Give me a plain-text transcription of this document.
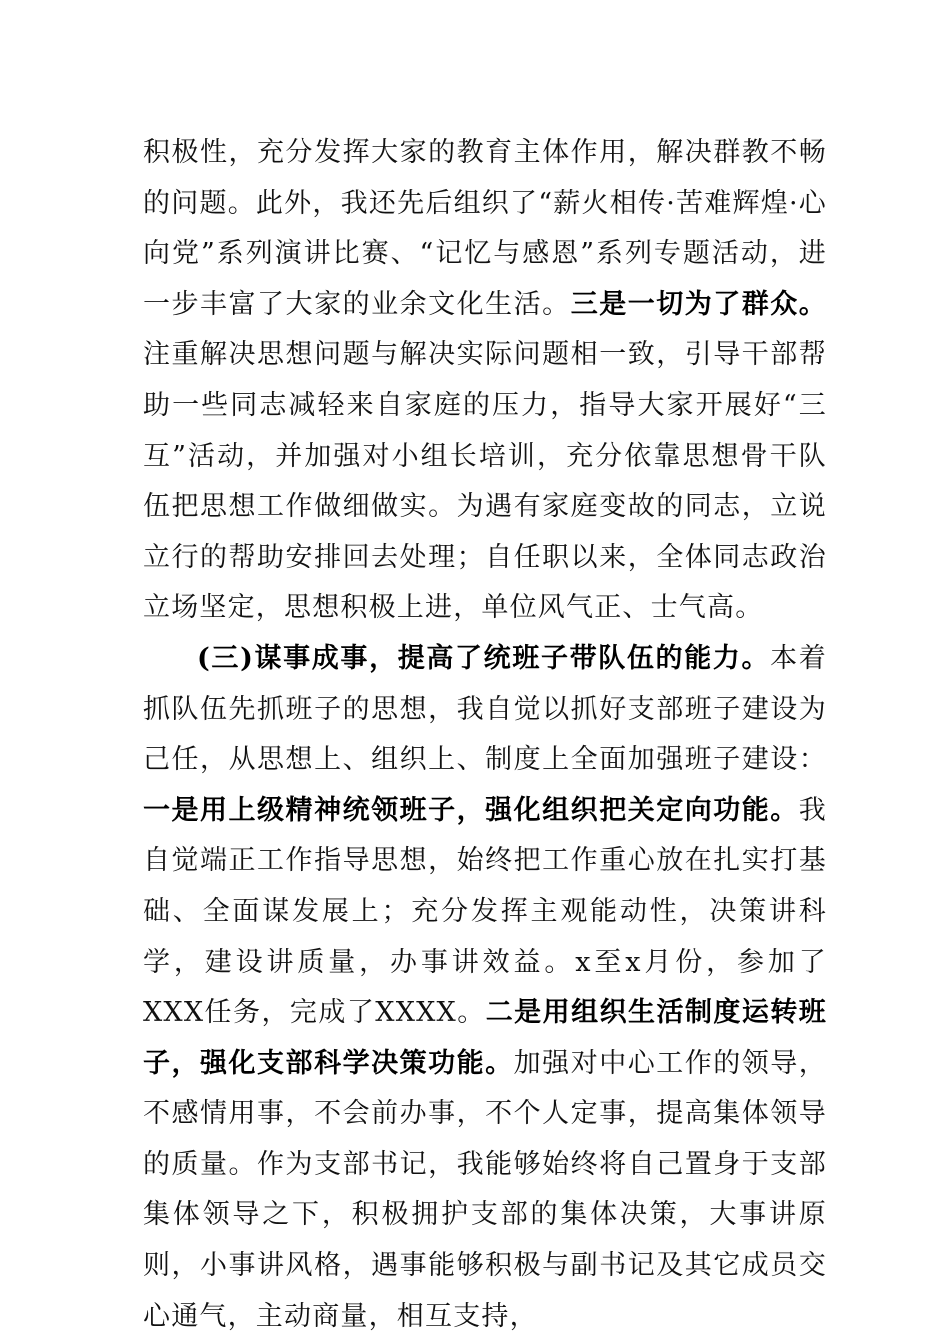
积极性，充分发挥大家的教育主体作用，解决群教不畅的问题。此外，我还先后组织了“薪火相传·苦难辉煌·心向党”系列演讲比赛、“记忆与感恩”系列专题活动，进一步丰富了大家的业余文化生活。三是一切为了群众。注重解决思想问题与解决实际问题相一致，引导干部帮助一些同志减轻来自家庭的压力，指导大家开展好“三互”活动，并加强对小组长培训，充分依靠思想骨干队伍把思想工作做细做实。为遇有家庭变故的同志，立说立行的帮助安排回去处理；自任职以来，全体同志政治立场坚定，思想积极上进，单位风气正、士气高。

(三)谋事成事，提高了统班子带队伍的能力。本着抓队伍先抓班子的思想，我自觉以抓好支部班子建设为己任，从思想上、组织上、制度上全面加强班子建设：一是用上级精神统领班子，强化组织把关定向功能。我自觉端正工作指导思想，始终把工作重心放在扎实打基础、全面谋发展上；充分发挥主观能动性，决策讲科学，建设讲质量，办事讲效益。x至x月份，参加了XXX任务，完成了XXXX。二是用组织生活制度运转班子，强化支部科学决策功能。加强对中心工作的领导，不感情用事，不会前办事，不个人定事，提高集体领导的质量。作为支部书记，我能够始终将自己置身于支部集体领导之下，积极拥护支部的集体决策，大事讲原则，小事讲风格，遇事能够积极与副书记及其它成员交心通气，主动商量，相互支持，
